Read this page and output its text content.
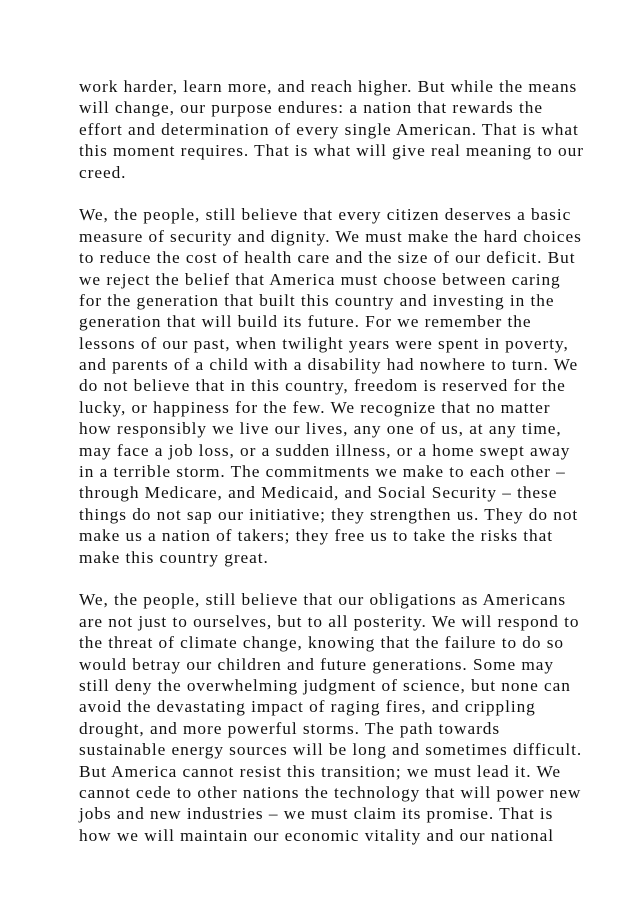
work harder, learn more, and reach higher. But while the means
will change, our purpose endures: a nation that rewards the
effort and determination of every single American. That is what
this moment requires. That is what will give real meaning to our
creed.

We, the people, still believe that every citizen deserves a basic
measure of security and dignity. We must make the hard choices
to reduce the cost of health care and the size of our deficit. But
we reject the belief that America must choose between caring
for the generation that built this country and investing in the
generation that will build its future. For we remember the
lessons of our past, when twilight years were spent in poverty,
and parents of a child with a disability had nowhere to turn. We
do not believe that in this country, freedom is reserved for the
lucky, or happiness for the few. We recognize that no matter
how responsibly we live our lives, any one of us, at any time,
may face a job loss, or a sudden illness, or a home swept away
in a terrible storm. The commitments we make to each other –
through Medicare, and Medicaid, and Social Security – these
things do not sap our initiative; they strengthen us. They do not
make us a nation of takers; they free us to take the risks that
make this country great.

We, the people, still believe that our obligations as Americans
are not just to ourselves, but to all posterity. We will respond to
the threat of climate change, knowing that the failure to do so
would betray our children and future generations. Some may
still deny the overwhelming judgment of science, but none can
avoid the devastating impact of raging fires, and crippling
drought, and more powerful storms. The path towards
sustainable energy sources will be long and sometimes difficult.
But America cannot resist this transition; we must lead it. We
cannot cede to other nations the technology that will power new
jobs and new industries – we must claim its promise. That is
how we will maintain our economic vitality and our national
